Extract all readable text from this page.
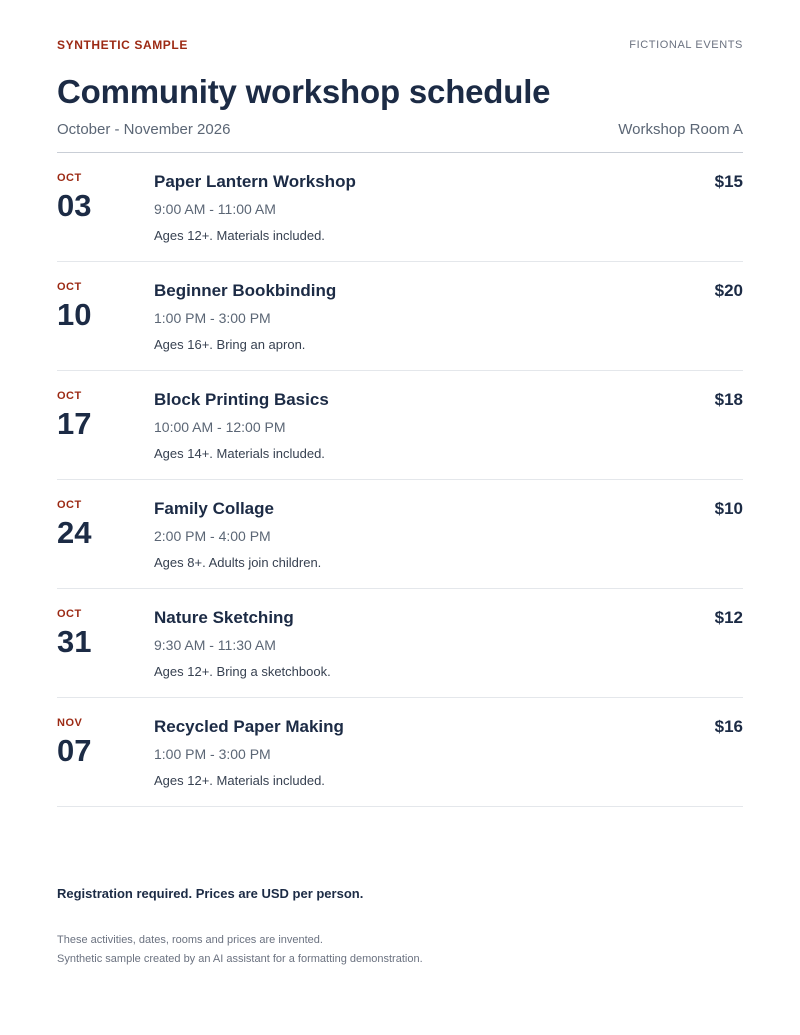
SYNTHETIC SAMPLE	FICTIONAL EVENTS
Community workshop schedule
October - November 2026	Workshop Room A
OCT
03
Paper Lantern Workshop
9:00 AM - 11:00 AM
Ages 12+. Materials included.
$15
OCT
10
Beginner Bookbinding
1:00 PM - 3:00 PM
Ages 16+. Bring an apron.
$20
OCT
17
Block Printing Basics
10:00 AM - 12:00 PM
Ages 14+. Materials included.
$18
OCT
24
Family Collage
2:00 PM - 4:00 PM
Ages 8+. Adults join children.
$10
OCT
31
Nature Sketching
9:30 AM - 11:30 AM
Ages 12+. Bring a sketchbook.
$12
NOV
07
Recycled Paper Making
1:00 PM - 3:00 PM
Ages 12+. Materials included.
$16
Registration required. Prices are USD per person.
These activities, dates, rooms and prices are invented.
Synthetic sample created by an AI assistant for a formatting demonstration.
